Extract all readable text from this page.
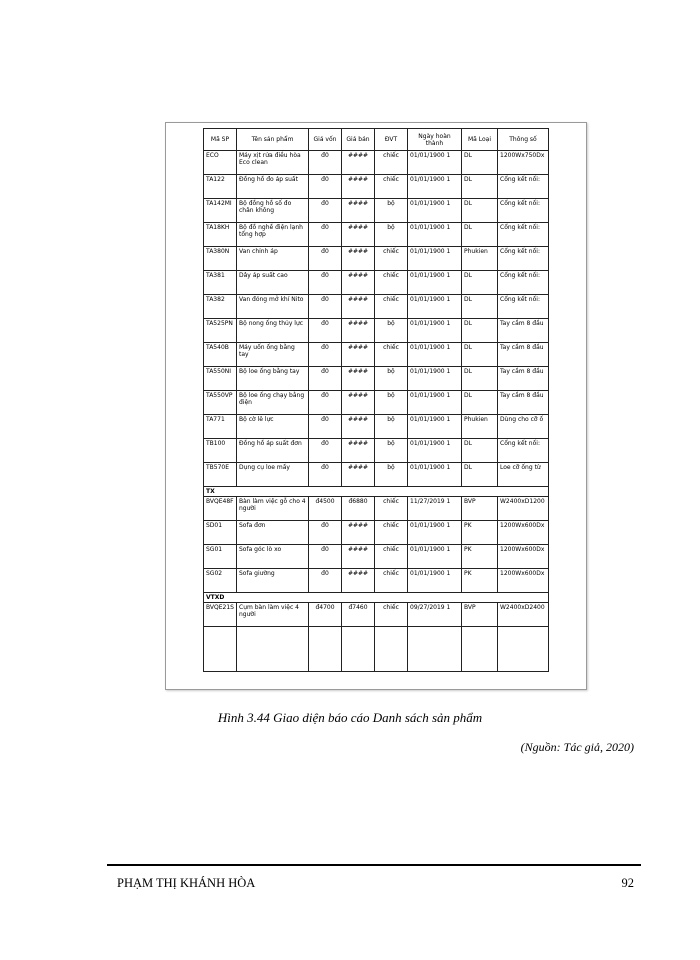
Mã SP	Tên sản phẩm	Giá vốn	Giá bán	ĐVT	Ngày hoàn thành	Mã Loại	Thông số
ECO	Máy xịt rửa điều hòa Eco clean	đ0	####	chiếc	01/01/1900 1	DL	1200Wx750Dx
TA122	Đồng hồ đo áp suất	đ0	####	chiếc	01/01/1900 1	DL	Cổng kết nối:
TA142MI	Bộ đồng hồ số đo chân không	đ0	####	bộ	01/01/1900 1	DL	Cổng kết nối:
TA18KH	Bộ đồ nghề điện lạnh tổng hợp	đ0	####	bộ	01/01/1900 1	DL	Cổng kết nối:
TA380N	Van chỉnh áp	đ0	####	chiếc	01/01/1900 1	Phukien	Cổng kết nối:
TA381	Dây áp suất cao	đ0	####	chiếc	01/01/1900 1	DL	Cổng kết nối:
TA382	Van đóng mở khí Nito	đ0	####	chiếc	01/01/1900 1	DL	Cổng kết nối:
TA525PN	Bộ nong ống thủy lực	đ0	####	bộ	01/01/1900 1	DL	Tay cầm 8 đầu
TA540B	Máy uốn ống bằng tay	đ0	####	chiếc	01/01/1900 1	DL	Tay cầm 8 đầu
TA550NI	Bộ loe ống bằng tay	đ0	####	bộ	01/01/1900 1	DL	Tay cầm 8 đầu
TA550VP	Bộ loe ống chạy bằng điện	đ0	####	bộ	01/01/1900 1	DL	Tay cầm 8 đầu
TA771	Bộ cờ lê lực	đ0	####	bộ	01/01/1900 1	Phukien	Dùng cho cỡ ố
TB100	Đồng hồ áp suất đơn	đ0	####	bộ	01/01/1900 1	DL	Cổng kết nối:
TB570E	Dụng cụ loe mấy	đ0	####	bộ	01/01/1900 1	DL	Loe cỡ ống từ
TX							
BVQE48F	Bàn làm việc gỗ cho 4 người	đ4500	đ6880	chiếc	11/27/2019 1	BVP	W2400xD1200
SD01	Sofa đơn	đ0	####	chiếc	01/01/1900 1	PK	1200Wx600Dx
SG01	Sofa góc lò xo	đ0	####	chiếc	01/01/1900 1	PK	1200Wx600Dx
SG02	Sofa giường	đ0	####	chiếc	01/01/1900 1	PK	1200Wx600Dx
VTXD							
BVQE21S	Cụm bàn làm việc 4 người	đ4700	đ7460	chiếc	09/27/2019 1	BVP	W2400xD2400

Hình 3.44 Giao diện báo cáo Danh sách sản phẩm
(Nguồn: Tác giả, 2020)
PHẠM THỊ KHÁNH HÒA	92
